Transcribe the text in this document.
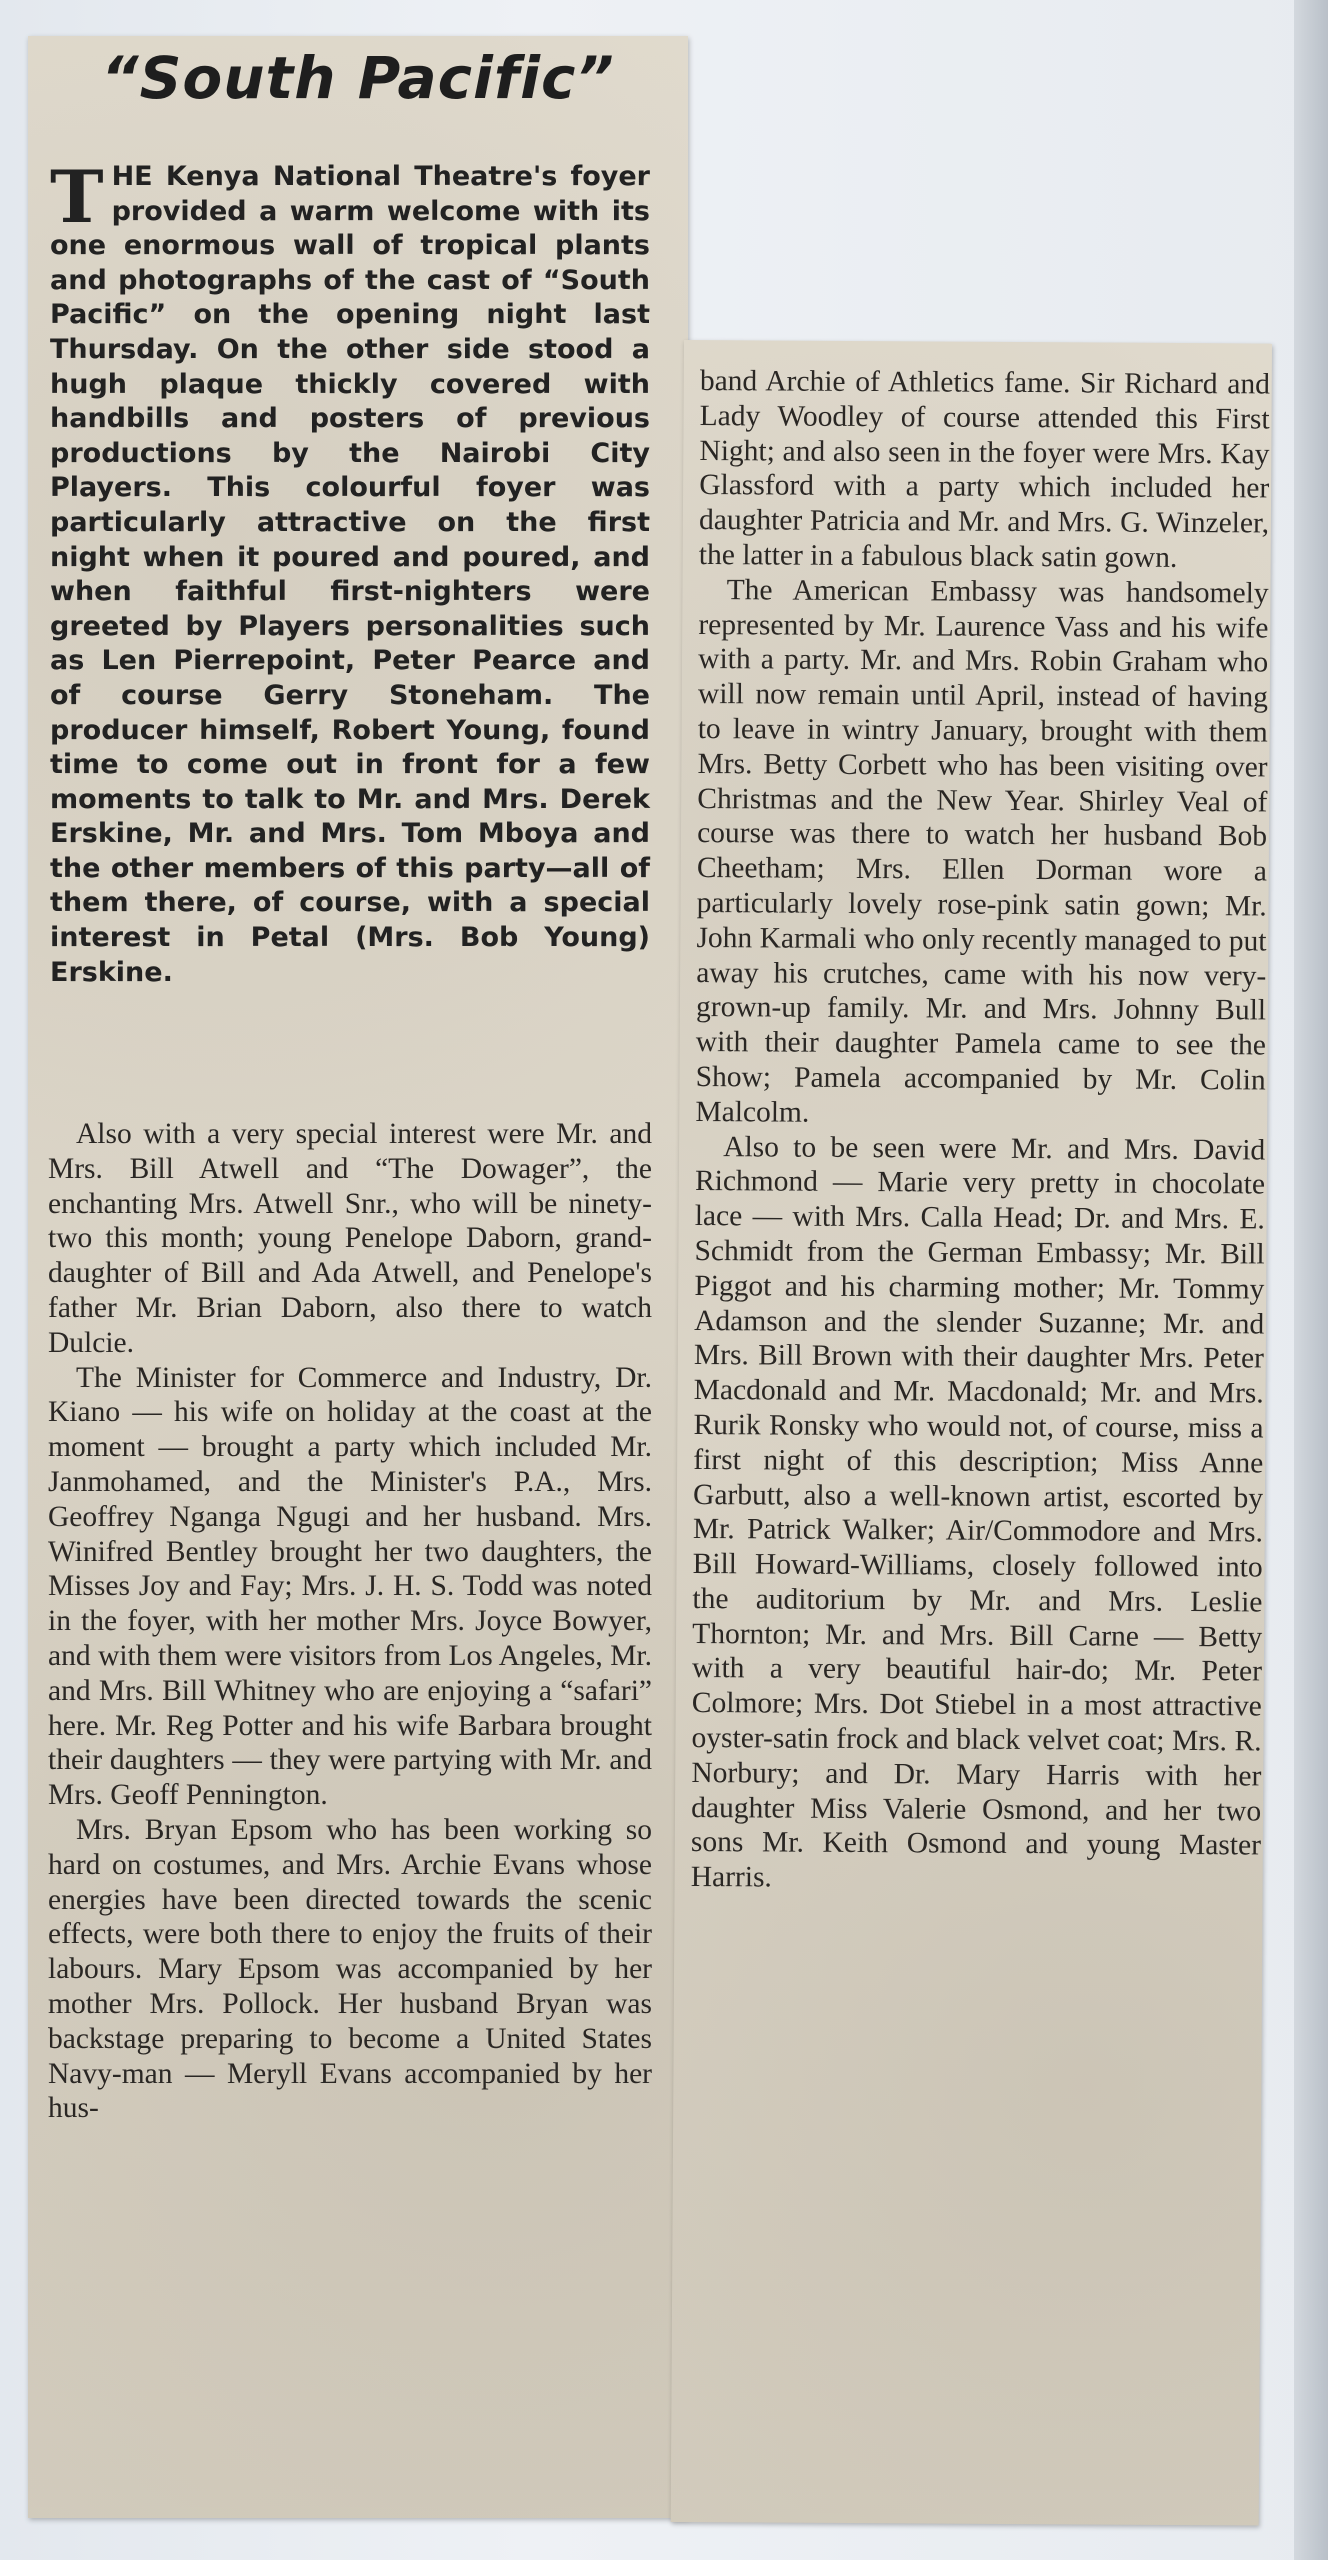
“South Pacific”
T HE Kenya National Theatre's foyer provided a warm welcome with its one enormous wall of tropical plants and photographs of the cast of “South Pacific” on the opening night last Thursday. On the other side stood a hugh plaque thickly covered with handbills and posters of previous productions by the Nairobi City Players. This colourful foyer was particularly attractive on the first night when it poured and poured, and when faithful first-nighters were greeted by Players personalities such as Len Pierrepoint, Peter Pearce and of course Gerry Stoneham. The producer himself, Robert Young, found time to come out in front for a few moments to talk to Mr. and Mrs. Derek Erskine, Mr. and Mrs. Tom Mboya and the other members of this party—all of them there, of course, with a special interest in Petal (Mrs. Bob Young) Erskine.

Also with a very special interest were Mr. and Mrs. Bill Atwell and “The Dowager”, the enchanting Mrs. Atwell Snr., who will be ninety-two this month; young Penelope Daborn, grand-daughter of Bill and Ada Atwell, and Penelope's father Mr. Brian Daborn, also there to watch Dulcie.

The Minister for Commerce and Industry, Dr. Kiano — his wife on holiday at the coast at the moment — brought a party which included Mr. Janmohamed, and the Minister's P.A., Mrs. Geoffrey Nganga Ngugi and her husband. Mrs. Winifred Bentley brought her two daughters, the Misses Joy and Fay; Mrs. J. H. S. Todd was noted in the foyer, with her mother Mrs. Joyce Bowyer, and with them were visitors from Los Angeles, Mr. and Mrs. Bill Whitney who are enjoying a “safari” here. Mr. Reg Potter and his wife Barbara brought their daughters — they were partying with Mr. and Mrs. Geoff Pennington.

Mrs. Bryan Epsom who has been working so hard on costumes, and Mrs. Archie Evans whose energies have been directed towards the scenic effects, were both there to enjoy the fruits of their labours. Mary Epsom was accompanied by her mother Mrs. Pollock. Her husband Bryan was backstage preparing to become a United States Navy-man — Meryll Evans accompanied by her hus-

band Archie of Athletics fame. Sir Richard and Lady Woodley of course attended this First Night; and also seen in the foyer were Mrs. Kay Glassford with a party which included her daughter Patricia and Mr. and Mrs. G. Winzeler, the latter in a fabulous black satin gown.

The American Embassy was handsomely represented by Mr. Laurence Vass and his wife with a party. Mr. and Mrs. Robin Graham who will now remain until April, instead of having to leave in wintry January, brought with them Mrs. Betty Corbett who has been visiting over Christmas and the New Year. Shirley Veal of course was there to watch her husband Bob Cheetham; Mrs. Ellen Dorman wore a particularly lovely rose-pink satin gown; Mr. John Karmali who only recently managed to put away his crutches, came with his now very-grown-up family. Mr. and Mrs. Johnny Bull with their daughter Pamela came to see the Show; Pamela accompanied by Mr. Colin Malcolm.

Also to be seen were Mr. and Mrs. David Richmond — Marie very pretty in chocolate lace — with Mrs. Calla Head; Dr. and Mrs. E. Schmidt from the German Embassy; Mr. Bill Piggot and his charming mother; Mr. Tommy Adamson and the slender Suzanne; Mr. and Mrs. Bill Brown with their daughter Mrs. Peter Macdonald and Mr. Macdonald; Mr. and Mrs. Rurik Ronsky who would not, of course, miss a first night of this description; Miss Anne Garbutt, also a well-known artist, escorted by Mr. Patrick Walker; Air/Commodore and Mrs. Bill Howard-Williams, closely followed into the auditorium by Mr. and Mrs. Leslie Thornton; Mr. and Mrs. Bill Carne — Betty with a very beautiful hair-do; Mr. Peter Colmore; Mrs. Dot Stiebel in a most attractive oyster-satin frock and black velvet coat; Mrs. R. Norbury; and Dr. Mary Harris with her daughter Miss Valerie Osmond, and her two sons Mr. Keith Osmond and young Master Harris.
